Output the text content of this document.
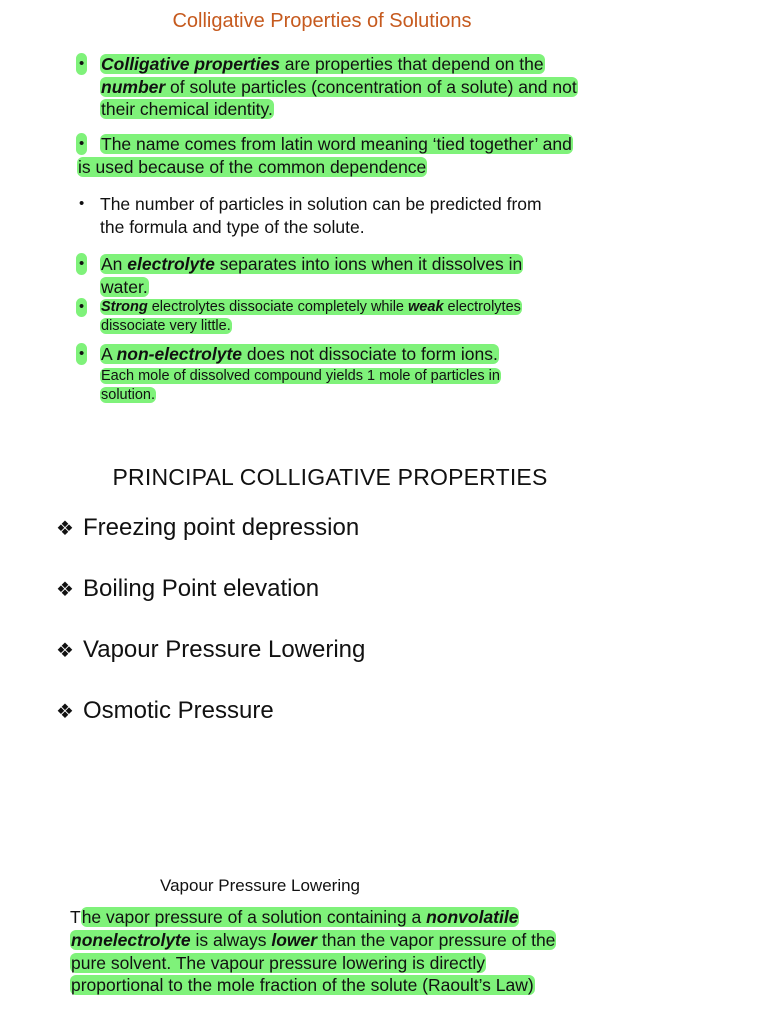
Colligative Properties of Solutions
• Colligative properties are properties that depend on the number of solute particles (concentration of a solute) and not their chemical identity.
• The name comes from latin word meaning ‘tied together’ and
is used because of the common dependence
• The number of particles in solution can be predicted from the formula and type of the solute.
• An electrolyte separates into ions when it dissolves in water.
• Strong electrolytes dissociate completely while weak electrolytes dissociate very little.
• A non-electrolyte does not dissociate to form ions.
Each mole of dissolved compound yields 1 mole of particles in solution.
PRINCIPAL COLLIGATIVE PROPERTIES
❖ Freezing point depression
❖ Boiling Point elevation
❖ Vapour Pressure Lowering
❖ Osmotic Pressure
Vapour Pressure Lowering
The vapor pressure of a solution containing a nonvolatile nonelectrolyte is always lower than the vapor pressure of the pure solvent. The vapour pressure lowering is directly proportional to the mole fraction of the solute (Raoult’s Law)
